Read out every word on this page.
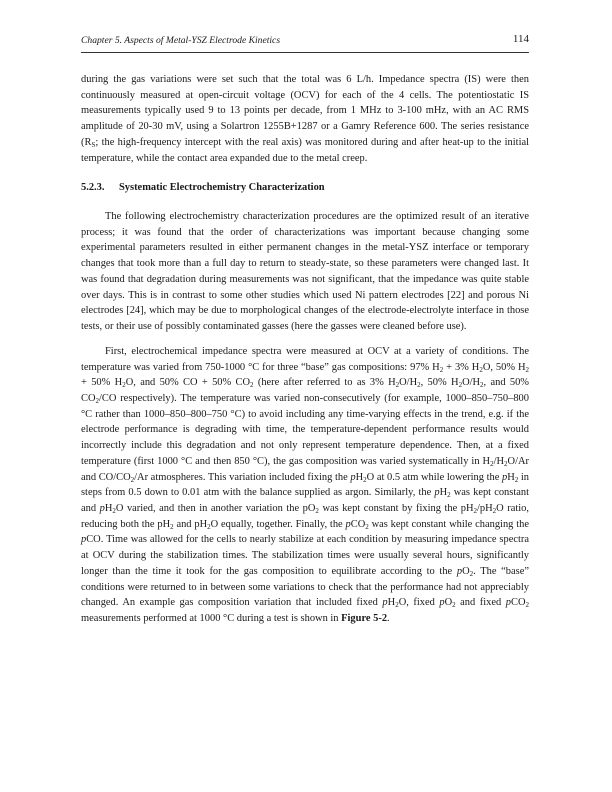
Chapter 5. Aspects of Metal-YSZ Electrode Kinetics	114

during the gas variations were set such that the total was 6 L/h. Impedance spectra (IS) were then continuously measured at open-circuit voltage (OCV) for each of the 4 cells. The potentiostatic IS measurements typically used 9 to 13 points per decade, from 1 MHz to 3-100 mHz, with an AC RMS amplitude of 20-30 mV, using a Solartron 1255B+1287 or a Gamry Reference 600. The series resistance ($R_S$; the high-frequency intercept with the real axis) was monitored during and after heat-up to the initial temperature, while the contact area expanded due to the metal creep.

5.2.3. Systematic Electrochemistry Characterization

The following electrochemistry characterization procedures are the optimized result of an iterative process; it was found that the order of characterizations was important because changing some experimental parameters resulted in either permanent changes in the metal-YSZ interface or temporary changes that took more than a full day to return to steady-state, so these parameters were changed last. It was found that degradation during measurements was not significant, that the impedance was quite stable over days. This is in contrast to some other studies which used Ni pattern electrodes [22] and porous Ni electrodes [24], which may be due to morphological changes of the electrode-electrolyte interface in those tests, or their use of possibly contaminated gasses (here the gasses were cleaned before use).

First, electrochemical impedance spectra were measured at OCV at a variety of conditions. The temperature was varied from 750-1000 °C for three “base” gas compositions: 97% $H_2 + 3\%$ $H_2O$, 50% $H_2 + 50\%$ $H_2O$, and 50% CO + 50% $CO_2$ (here after referred to as 3% $H_2O/H_2$, 50% $H_2O/H_2$, and 50% $CO_2/CO$ respectively). The temperature was varied non-consecutively (for example, 1000–850–750–800 °C rather than 1000–850–800–750 °C) to avoid including any time-varying effects in the trend, e.g. if the electrode performance is degrading with time, the temperature-dependent performance results would incorrectly include this degradation and not only represent temperature dependence. Then, at a fixed temperature (first 1000 °C and then 850 °C), the gas composition was varied systematically in $H_2/H_2O/Ar$ and $CO/CO_2/Ar$ atmospheres. This variation included fixing the $pH_2O$ at 0.5 atm while lowering the $pH_2$ in steps from 0.5 down to 0.01 atm with the balance supplied as argon. Similarly, the $pH_2$ was kept constant and $pH_2O$ varied, and then in another variation the $pO_2$ was kept constant by fixing the $pH_2/pH_2O$ ratio, reducing both the $pH_2$ and $pH_2O$ equally, together. Finally, the pCO$_2$ was kept constant while changing the pCO. Time was allowed for the cells to nearly stabilize at each condition by measuring impedance spectra at OCV during the stabilization times. The stabilization times were usually several hours, significantly longer than the time it took for the gas composition to equilibrate according to the $pO_2$. The “base” conditions were returned to in between some variations to check that the performance had not appreciably changed. An example gas composition variation that included fixed $pH_2O$, fixed $pO_2$ and fixed pCO$_2$ measurements performed at 1000 °C during a test is shown in Figure 5-2.
